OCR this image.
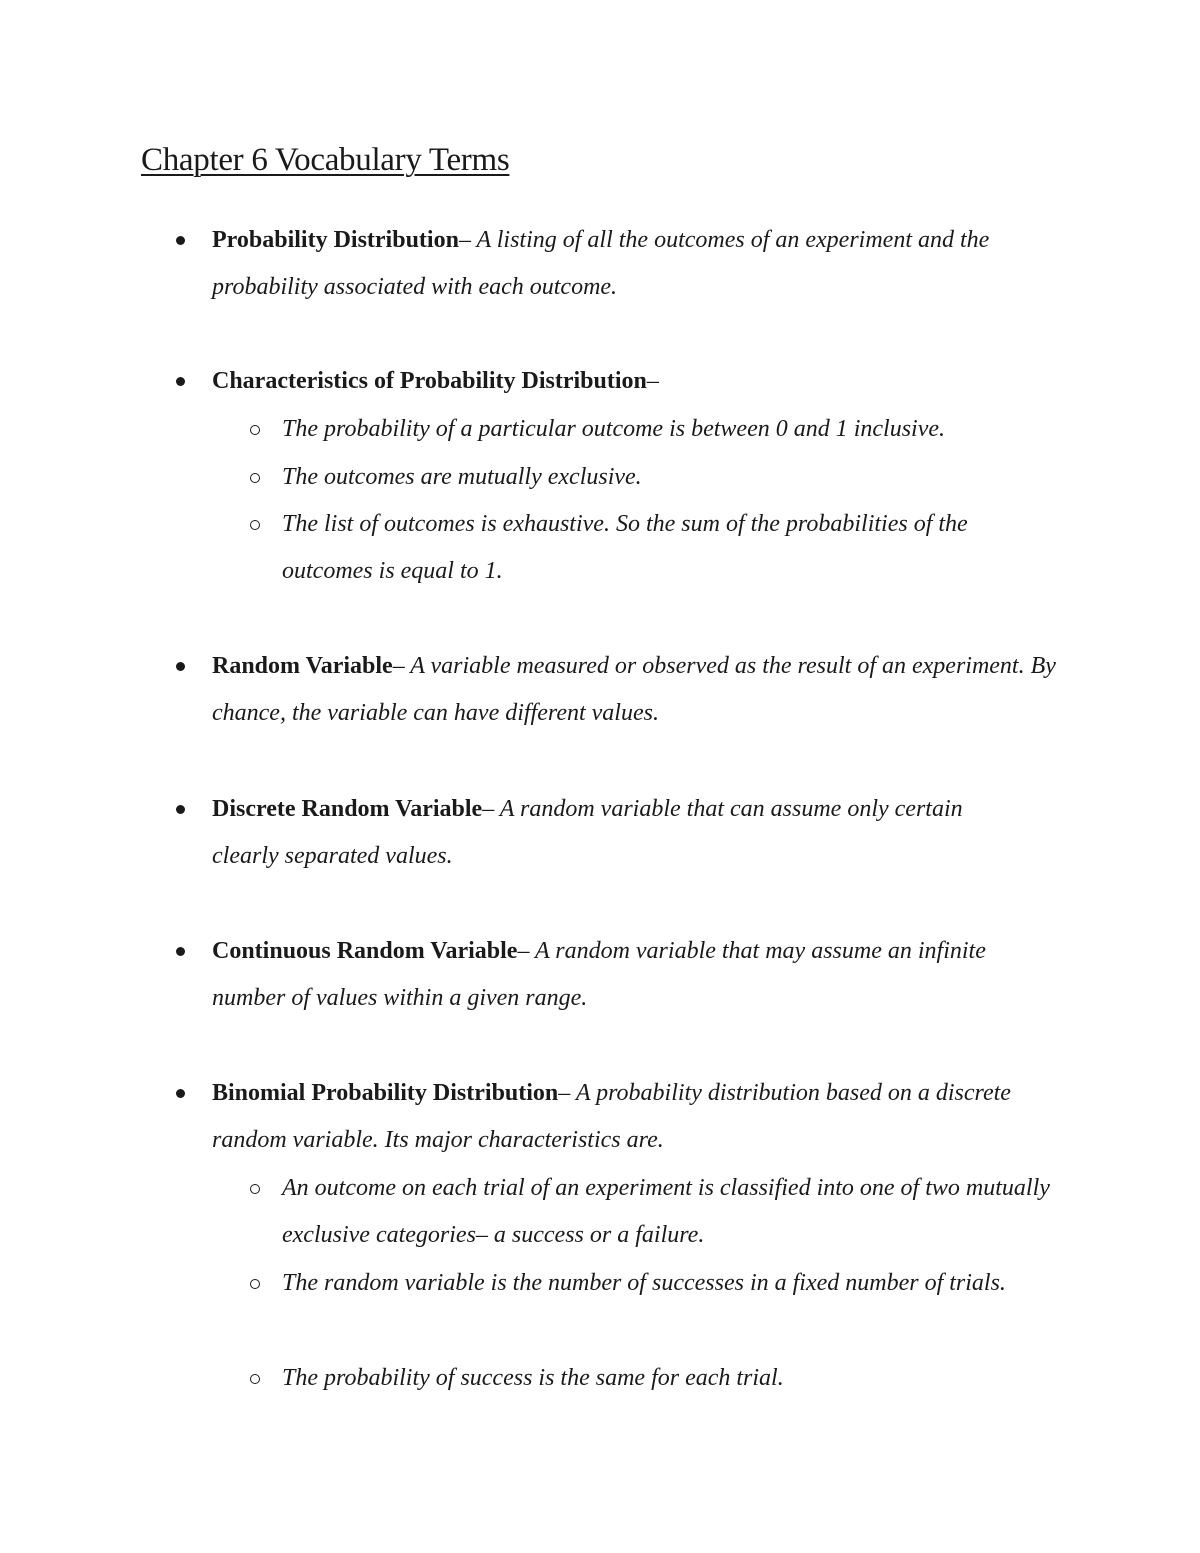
Chapter 6 Vocabulary Terms
Probability Distribution– A listing of all the outcomes of an experiment and the probability associated with each outcome.
Characteristics of Probability Distribution–
The probability of a particular outcome is between 0 and 1 inclusive.
The outcomes are mutually exclusive.
The list of outcomes is exhaustive. So the sum of the probabilities of the outcomes is equal to 1.
Random Variable– A variable measured or observed as the result of an experiment. By chance, the variable can have different values.
Discrete Random Variable– A random variable that can assume only certain clearly separated values.
Continuous Random Variable– A random variable that may assume an infinite number of values within a given range.
Binomial Probability Distribution– A probability distribution based on a discrete random variable. Its major characteristics are.
An outcome on each trial of an experiment is classified into one of two mutually exclusive categories– a success or a failure.
The random variable is the number of successes in a fixed number of trials.
The probability of success is the same for each trial.
